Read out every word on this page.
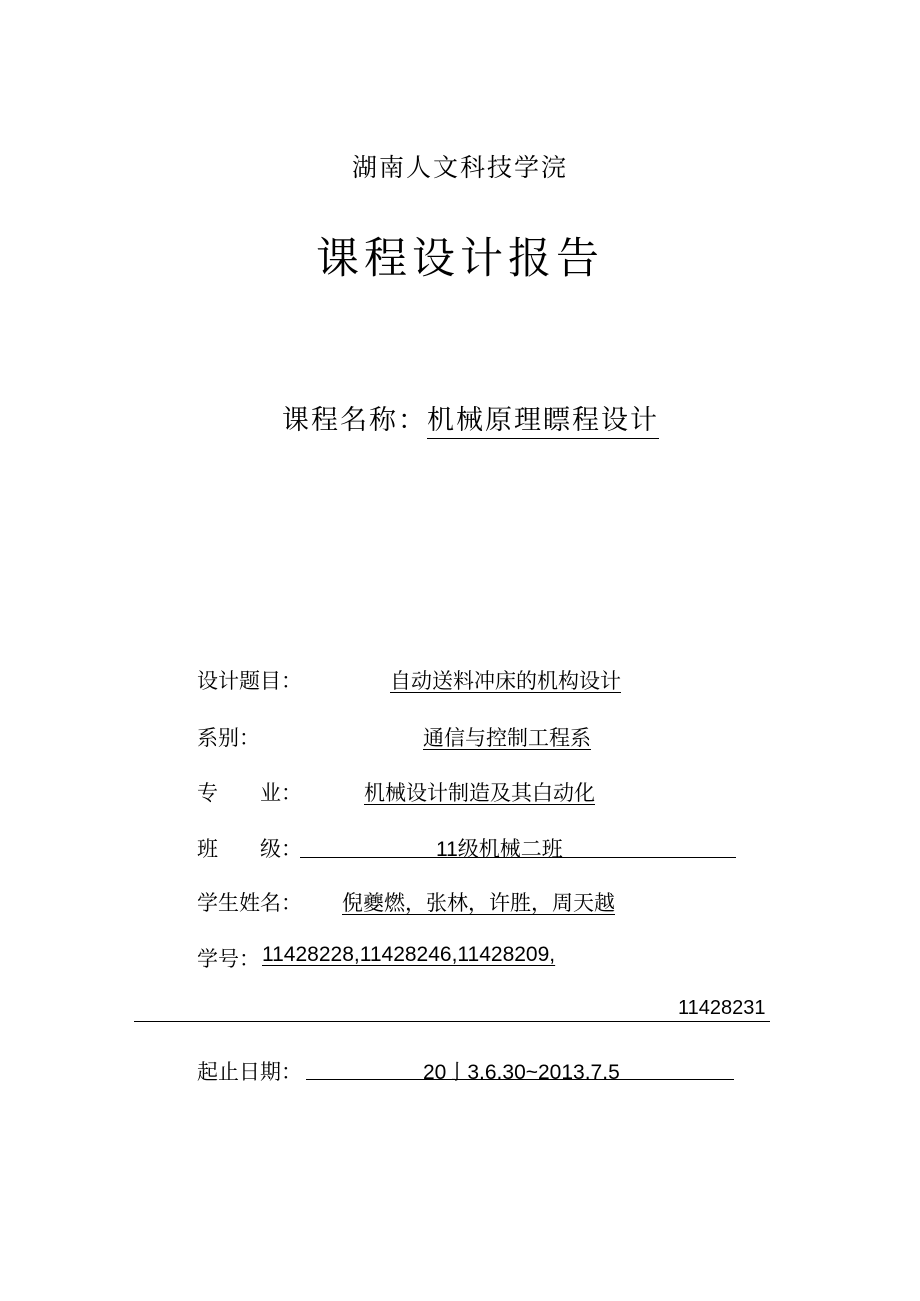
湖南人文科技学浣
课程设计报告
课程名称：机械原理瞟程设计
设计题目：	自动送料冲床的机构设计
系别：	通信与控制工程系
专　　业：	机械设计制造及其白动化
班　　级：	11级机械二班
学生姓名： 倪夔燃，张林，许胜，周天越
学号： 11428228,11428246,11428209,
11428231
起止日期：	20亅3.6.30~2013.7.5
